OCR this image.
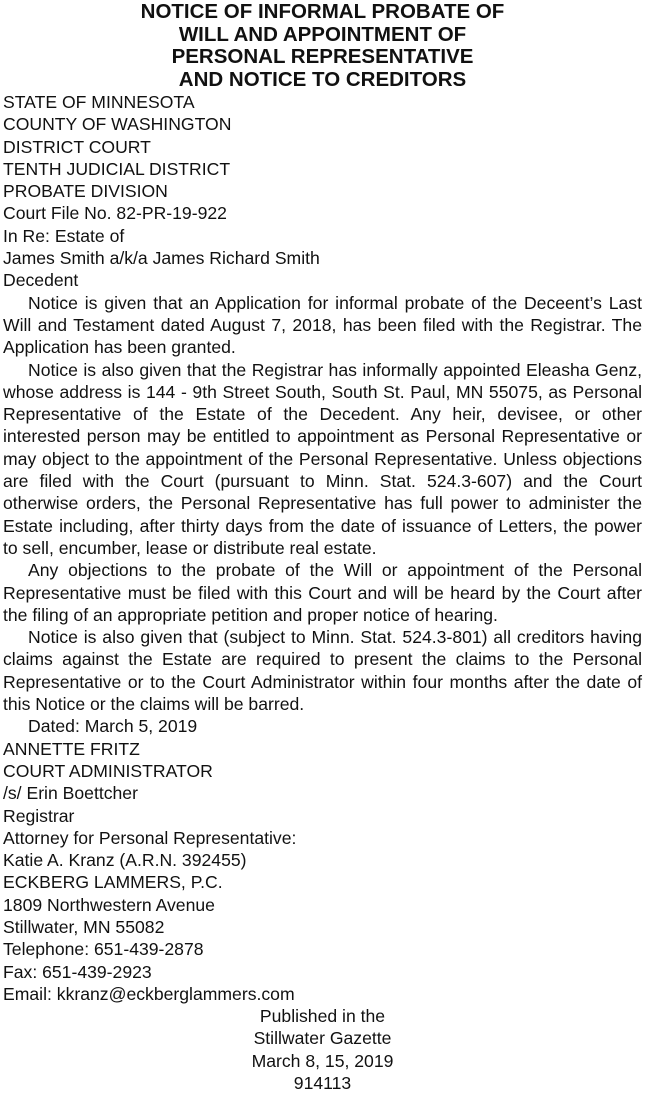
NOTICE OF INFORMAL PROBATE OF
WILL AND APPOINTMENT OF
PERSONAL REPRESENTATIVE
AND NOTICE TO CREDITORS
STATE OF MINNESOTA
COUNTY OF WASHINGTON
DISTRICT COURT
TENTH JUDICIAL DISTRICT
PROBATE DIVISION
Court File No. 82-PR-19-922
In Re: Estate of
James Smith a/k/a James Richard Smith
Decedent

Notice is given that an Application for informal probate of the Deceent’s Last Will and Testament dated August 7, 2018, has been filed with the Registrar. The Application has been granted.

Notice is also given that the Registrar has informally appointed Eleasha Genz, whose address is 144 - 9th Street South, South St. Paul, MN 55075, as Personal Representative of the Estate of the Decedent. Any heir, devisee, or other interested person may be entitled to appointment as Personal Representative or may object to the appointment of the Personal Representative. Unless objections are filed with the Court (pursuant to Minn. Stat. 524.3-607) and the Court otherwise orders, the Personal Representative has full power to administer the Estate including, after thirty days from the date of issuance of Letters, the power to sell, encumber, lease or distribute real estate.

Any objections to the probate of the Will or appointment of the Personal Representative must be filed with this Court and will be heard by the Court after the filing of an appropriate petition and proper notice of hearing.

Notice is also given that (subject to Minn. Stat. 524.3-801) all creditors having claims against the Estate are required to present the claims to the Personal Representative or to the Court Administrator within four months after the date of this Notice or the claims will be barred.

Dated: March 5, 2019
ANNETTE FRITZ
COURT ADMINISTRATOR
/s/ Erin Boettcher
Registrar
Attorney for Personal Representative:
Katie A. Kranz (A.R.N. 392455)
ECKBERG LAMMERS, P.C.
1809 Northwestern Avenue
Stillwater, MN 55082
Telephone: 651-439-2878
Fax: 651-439-2923
Email: kkranz@eckberglammers.com
Published in the
Stillwater Gazette
March 8, 15, 2019
914113
